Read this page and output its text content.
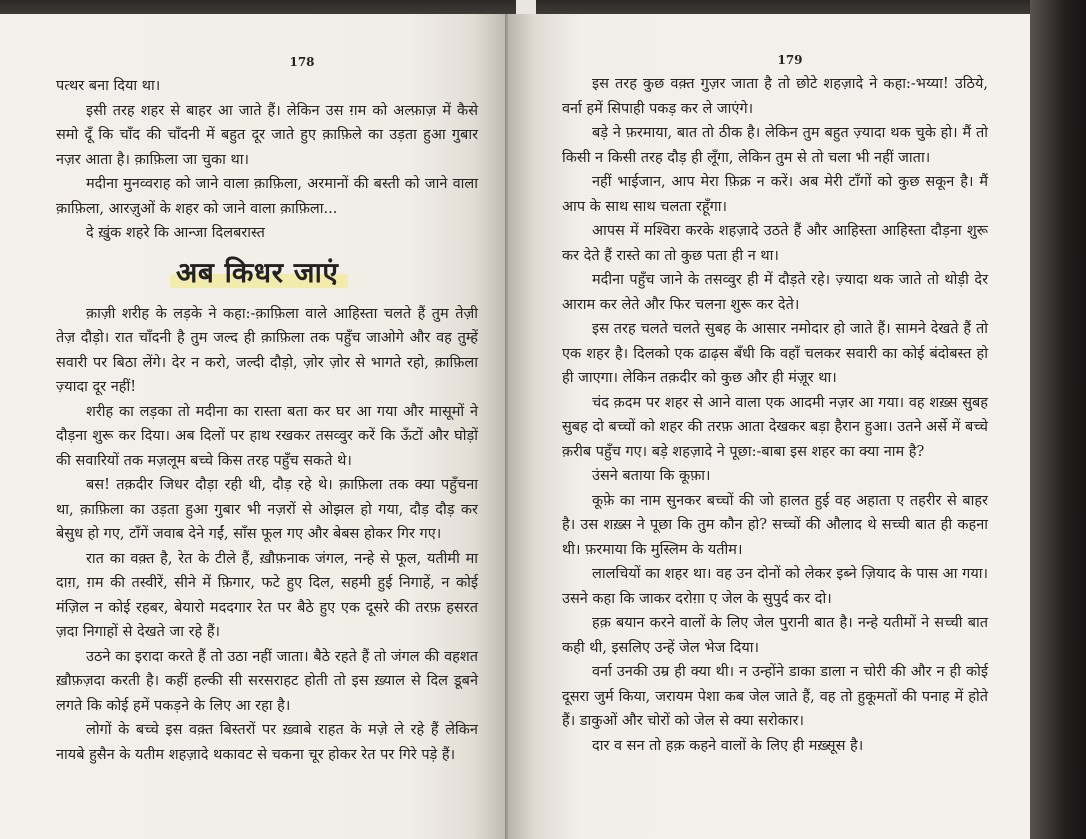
178

पत्थर बना दिया था।

इसी तरह शहर से बाहर आ जाते हैं। लेकिन उस ग़म को अल्फ़ाज़ में कैसे समो दूँ कि चाँद की चाँदनी में बहुत दूर जाते हुए क़ाफ़िले का उड़ता हुआ गुबार नज़र आता है। क़ाफ़िला जा चुका था।

मदीना मुनव्वराह को जाने वाला क़ाफ़िला, अरमानों की बस्ती को जाने वाला क़ाफ़िला, आरज़ुओं के शहर को जाने वाला क़ाफ़िला...

दे ख़ुंक शहरे कि आन्जा दिलबरास्त

अब किधर जाएं

क़ाज़ी शरीह के लड़के ने कहा:-क़ाफ़िला वाले आहिस्ता चलते हैं तुम तेज़ी तेज़ दौड़ो। रात चाँदनी है तुम जल्द ही क़ाफ़िला तक पहुँच जाओगे और वह तुम्हें सवारी पर बिठा लेंगे। देर न करो, जल्दी दौड़ो, ज़ोर ज़ोर से भागते रहो, क़ाफ़िला ज़्यादा दूर नहीं!

शरीह का लड़का तो मदीना का रास्ता बता कर घर आ गया और मासूमों ने दौड़ना शुरू कर दिया। अब दिलों पर हाथ रखकर तसव्वुर करें कि ऊँटों और घोड़ों की सवारियों तक मज़लूम बच्चे किस तरह पहुँच सकते थे।

बस! तक़दीर जिधर दौड़ा रही थी, दौड़ रहे थे। क़ाफ़िला तक क्या पहुँचना था, क़ाफ़िला का उड़ता हुआ गुबार भी नज़रों से ओझल हो गया, दौड़ दौड़ कर बेसुध हो गए, टाँगें जवाब देने गईं, साँस फूल गए और बेबस होकर गिर गए।

रात का वक़्त है, रेत के टीले हैं, ख़ौफ़नाक जंगल, नन्हे से फूल, यतीमी मा दाग़, ग़म की तस्वीरें, सीने में फ़िगार, फटे हुए दिल, सहमी हुई निगाहें, न कोई मंज़िल न कोई रहबर, बेयारो मददगार रेत पर बैठे हुए एक दूसरे की तरफ़ हसरत ज़दा निगाहों से देखते जा रहे हैं।

उठने का इरादा करते हैं तो उठा नहीं जाता। बैठे रहते हैं तो जंगल की वहशत ख़ौफ़ज़दा करती है। कहीं हल्की सी सरसराहट होती तो इस ख़्याल से दिल डूबने लगते कि कोई हमें पकड़ने के लिए आ रहा है।

लोगों के बच्चे इस वक़्त बिस्तरों पर ख़्वाबे राहत के मज़े ले रहे हैं लेकिन नायबे हुसैन के यतीम शहज़ादे थकावट से चकना चूर होकर रेत पर गिरे पड़े हैं।

179

इस तरह कुछ वक़्त गुज़र जाता है तो छोटे शहज़ादे ने कहा:-भय्या! उठिये, वर्ना हमें सिपाही पकड़ कर ले जाएंगे।

बड़े ने फ़रमाया, बात तो ठीक है। लेकिन तुम बहुत ज़्यादा थक चुके हो। मैं तो किसी न किसी तरह दौड़ ही लूँगा, लेकिन तुम से तो चला भी नहीं जाता।

नहीं भाईजान, आप मेरा फ़िक्र न करें। अब मेरी टाँगों को कुछ सकून है। मैं आप के साथ साथ चलता रहूँगा।

आपस में मश्विरा करके शहज़ादे उठते हैं और आहिस्ता आहिस्ता दौड़ना शुरू कर देते हैं रास्ते का तो कुछ पता ही न था।

मदीना पहुँच जाने के तसव्वुर ही में दौड़ते रहे। ज़्यादा थक जाते तो थोड़ी देर आराम कर लेते और फिर चलना शुरू कर देते।

इस तरह चलते चलते सुबह के आसार नमोदार हो जाते हैं। सामने देखते हैं तो एक शहर है। दिलको एक ढाढ़स बँधी कि वहाँ चलकर सवारी का कोई बंदोबस्त हो ही जाएगा। लेकिन तक़दीर को कुछ और ही मंज़ूर था।

चंद क़दम पर शहर से आने वाला एक आदमी नज़र आ गया। वह शख़्स सुबह सुबह दो बच्चों को शहर की तरफ़ आता देखकर बड़ा हैरान हुआ। उतने अर्से में बच्चे क़रीब पहुँच गए। बड़े शहज़ादे ने पूछा:-बाबा इस शहर का क्या नाम है?

उंसने बताया कि कूफ़ा।

कूफ़े का नाम सुनकर बच्चों की जो हालत हुई वह अहाता ए तहरीर से बाहर है। उस शख़्स ने पूछा कि तुम कौन हो? सच्चों की औलाद थे सच्ची बात ही कहना थी। फ़रमाया कि मुस्लिम के यतीम।

लालचियों का शहर था। वह उन दोनों को लेकर इब्ने ज़ियाद के पास आ गया। उसने कहा कि जाकर दरोग़ा ए जेल के सुपुर्द कर दो।

हक़ बयान करने वालों के लिए जेल पुरानी बात है। नन्हे यतीमों ने सच्ची बात कही थी, इसलिए उन्हें जेल भेज दिया।

वर्ना उनकी उम्र ही क्या थी। न उन्होंने डाका डाला न चोरी की और न ही कोई दूसरा जुर्म किया, जरायम पेशा कब जेल जाते हैं, वह तो हुकूमतों की पनाह में होते हैं। डाकुओं और चोरों को जेल से क्या सरोकार।

दार व सन तो हक़ कहने वालों के लिए ही मख़्सूस है।
